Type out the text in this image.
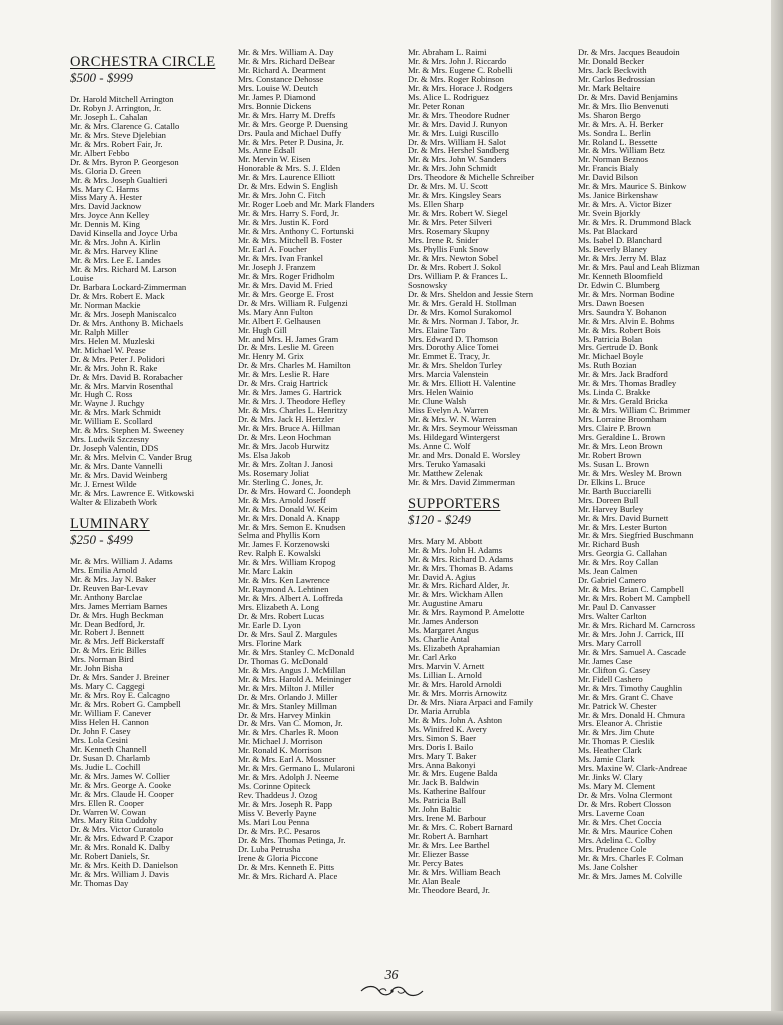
ORCHESTRA CIRCLE
$500 - $999
Dr. Harold Mitchell Arrington
Dr. Robyn J. Arrington, Jr.
Mr. Joseph L. Cahalan
Mr. & Mrs. Clarence G. Catallo
Mr. & Mrs. Steve Djelebian
Mr. & Mrs. Robert Fair, Jr.
Mr. Albert Febbo
Dr. & Mrs. Byron P. Georgeson
Ms. Gloria D. Green
Mr. & Mrs. Joseph Gualtieri
Ms. Mary C. Harms
Miss Mary A. Hester
Mrs. David Jacknow
Mrs. Joyce Ann Kelley
Mr. Dennis M. King
David Kinsella and Joyce Urba
Mr. & Mrs. John A. Kirlin
Mr. & Mrs. Harvey Kline
Mr. & Mrs. Lee E. Landes
Mr. & Mrs. Richard M. Larson
Louise
Dr. Barbara Lockard-Zimmerman
Dr. & Mrs. Robert E. Mack
Mr. Norman Mackie
Mr. & Mrs. Joseph Maniscalco
Dr. & Mrs. Anthony B. Michaels
Mr. Ralph Miller
Mrs. Helen M. Muzleski
Mr. Michael W. Pease
Dr. & Mrs. Peter J. Polidori
Mr. & Mrs. John R. Rake
Dr. & Mrs. David B. Rorabacher
Mr. & Mrs. Marvin Rosenthal
Mr. Hugh C. Ross
Mr. Wayne J. Ruchgy
Mr. & Mrs. Mark Schmidt
Mr. William E. Scollard
Mr. & Mrs. Stephen M. Sweeney
Mrs. Ludwik Szczesny
Dr. Joseph Valentin, DDS
Mr. & Mrs. Melvin C. Vander Brug
Mr. & Mrs. Dante Vannelli
Mr. & Mrs. David Weinberg
Mr. J. Ernest Wilde
Mr. & Mrs. Lawrence E. Witkowski
Walter & Elizabeth Work
LUMINARY
$250 - $499
Mr. & Mrs. William J. Adams
Mrs. Emilia Arnold
Mr. & Mrs. Jay N. Baker
Dr. Reuven Bar-Levav
Mr. Anthony Barclae
Mrs. James Merriam Barnes
Dr. & Mrs. Hugh Beckman
Mr. Dean Bedford, Jr.
Mr. Robert J. Bennett
Mr. & Mrs. Jeff Bickerstaff
Dr. & Mrs. Eric Billes
Mrs. Norman Bird
Mr. John Bisha
Dr. & Mrs. Sander J. Breiner
Ms. Mary C. Caggegi
Mr. & Mrs. Roy E. Calcagno
Mr. & Mrs. Robert G. Campbell
Mr. William F. Canever
Miss Helen H. Cannon
Dr. John F. Casey
Mrs. Lola Cesini
Mr. Kenneth Channell
Dr. Susan D. Charlamb
Ms. Judie L. Cochill
Mr. & Mrs. James W. Collier
Mr. & Mrs. George A. Cooke
Mr. & Mrs. Claude H. Cooper
Mrs. Ellen R. Cooper
Dr. Warren W. Cowan
Mrs. Mary Rita Cuddohy
Dr. & Mrs. Victor Curatolo
Mr. & Mrs. Edward P. Czapor
Mr. & Mrs. Ronald K. Dalby
Mr. Robert Daniels, Sr.
Mr. & Mrs. Keith D. Danielson
Mr. & Mrs. William J. Davis
Mr. Thomas Day
Mr. & Mrs. William A. Day
Mr. & Mrs. Richard DeBear
Mr. Richard A. Dearment
Mrs. Constance Dehosse
Mrs. Louise W. Deutch
Mr. James P. Diamond
Mrs. Bonnie Dickens
Mr. & Mrs. Harry M. Dreffs
Mr. & Mrs. George P. Duensing
Drs. Paula and Michael Duffy
Mr. & Mrs. Peter P. Dusina, Jr.
Ms. Anne Edsall
Mr. Mervin W. Eisen
Honorable & Mrs. S. J. Elden
Mr. & Mrs. Laurence Elliott
Dr. & Mrs. Edwin S. English
Mr. & Mrs. John C. Fitch
Mr. Roger Loeb and Mr. Mark Flanders
Mr. & Mrs. Harry S. Ford, Jr.
Mr. & Mrs. Justin K. Ford
Mr. & Mrs. Anthony C. Fortunski
Mr. & Mrs. Mitchell B. Foster
Mr. Earl A. Foucher
Mr. & Mrs. Ivan Frankel
Mr. Joseph J. Franzem
Mr. & Mrs. Roger Fridholm
Mr. & Mrs. David M. Fried
Mr. & Mrs. George E. Frost
Dr. & Mrs. William R. Fulgenzi
Ms. Mary Ann Fulton
Mr. Albert F. Gelhausen
Mr. Hugh Gill
Mr. and Mrs. H. James Gram
Dr. & Mrs. Leslie M. Green
Mr. Henry M. Grix
Dr. & Mrs. Charles M. Hamilton
Mr. & Mrs. Leslie R. Hare
Dr. & Mrs. Craig Hartrick
Mr. & Mrs. James G. Hartrick
Mr. & Mrs. J. Theodore Hefley
Mr. & Mrs. Charles L. Henritzy
Dr. & Mrs. Jack H. Hertzler
Mr. & Mrs. Bruce A. Hillman
Dr. & Mrs. Leon Hochman
Mr. & Mrs. Jacob Hurwitz
Ms. Elsa Jakob
Mr. & Mrs. Zoltan J. Janosi
Ms. Rosemary Joliat
Mr. Sterling C. Jones, Jr.
Dr. & Mrs. Howard C. Joondeph
Mr. & Mrs. Arnold Joseff
Mr. & Mrs. Donald W. Keim
Mr. & Mrs. Donald A. Knapp
Mr. & Mrs. Semon E. Knudsen
Selma and Phyllis Korn
Mr. James F. Korzenowski
Rev. Ralph E. Kowalski
Mr. & Mrs. William Kropog
Mr. Marc Lakin
Mr. & Mrs. Ken Lawrence
Mr. Raymond A. Lehtinen
Mr. & Mrs. Albert A. Loffreda
Mrs. Elizabeth A. Long
Dr. & Mrs. Robert Lucas
Mr. Earle D. Lyon
Dr. & Mrs. Saul Z. Margules
Mrs. Florine Mark
Mr. & Mrs. Stanley C. McDonald
Dr. Thomas G. McDonald
Mr. & Mrs. Angus J. McMillan
Mr. & Mrs. Harold A. Meininger
Mr. & Mrs. Milton J. Miller
Dr. & Mrs. Orlando J. Miller
Mr. & Mrs. Stanley Millman
Dr. & Mrs. Harvey Minkin
Dr. & Mrs. Van C. Momon, Jr.
Mr. & Mrs. Charles R. Moon
Mr. Michael J. Morrison
Mr. Ronald K. Morrison
Mr. & Mrs. Earl A. Mossner
Mr. & Mrs. Germano L. Mularoni
Mr. & Mrs. Adolph J. Neeme
Ms. Corinne Opiteck
Rev. Thaddeus J. Ozog
Mr. & Mrs. Joseph R. Papp
Miss V. Beverly Payne
Ms. Mari Lou Penna
Dr. & Mrs. P.C. Pesaros
Dr. & Mrs. Thomas Petinga, Jr.
Dr. Luba Petrusha
Irene & Gloria Piccone
Dr. & Mrs. Kenneth E. Pitts
Mr. & Mrs. Richard A. Place
Mr. Abraham L. Raimi
Mr. & Mrs. John J. Riccardo
Mr. & Mrs. Eugene C. Robelli
Dr. & Mrs. Roger Robinson
Mr. & Mrs. Horace J. Rodgers
Ms. Alice L. Rodriguez
Mr. Peter Ronan
Mr. & Mrs. Theodore Rudner
Mr. & Mrs. David J. Runyon
Mr. & Mrs. Luigi Ruscillo
Dr. & Mrs. William H. Salot
Dr. & Mrs. Hershel Sandberg
Mr. & Mrs. John W. Sanders
Mr. & Mrs. John Schmidt
Drs. Theodore & Michelle Schreiber
Dr. & Mrs. M. U. Scott
Mr. & Mrs. Kingsley Sears
Ms. Ellen Sharp
Mr. & Mrs. Robert W. Siegel
Mr. & Mrs. Peter Silveri
Mrs. Rosemary Skupny
Mrs. Irene R. Snider
Ms. Phyllis Funk Snow
Mr. & Mrs. Newton Sobel
Dr. & Mrs. Robert J. Sokol
Drs. William P. & Frances L.
Sosnowsky
Dr. & Mrs. Sheldon and Jessie Stern
Mr. & Mrs. Gerald H. Stollman
Dr. & Mrs. Komol Surakomol
Mr. & Mrs. Norman J. Tabor, Jr.
Mrs. Elaine Taro
Mrs. Edward D. Thomson
Mrs. Dorothy Alice Tomei
Mr. Emmet E. Tracy, Jr.
Mr. & Mrs. Sheldon Turley
Mrs. Marcia Valenstein
Mr. & Mrs. Elliott H. Valentine
Mrs. Helen Wainio
Mr. Clune Walsh
Miss Evelyn A. Warren
Mr. & Mrs. W. N. Warren
Mr. & Mrs. Seymour Weissman
Ms. Hildegard Wintergerst
Ms. Anne C. Wolf
Mr. and Mrs. Donald E. Worsley
Mrs. Teruko Yamasaki
Mr. Matthew Zelenak
Mr. & Mrs. David Zimmerman
SUPPORTERS
$120 - $249
Mrs. Mary M. Abbott
Mr. & Mrs. John H. Adams
Mr. & Mrs. Richard D. Adams
Mr. & Mrs. Thomas B. Adams
Mr. David A. Agius
Mr. & Mrs. Richard Alder, Jr.
Mr. & Mrs. Wickham Allen
Mr. Augustine Amaru
Mr. & Mrs. Raymond P. Amelotte
Mr. James Anderson
Ms. Margaret Angus
Ms. Charlie Antal
Ms. Elizabeth Aprahamian
Mr. Carl Arko
Mrs. Marvin V. Arnett
Ms. Lillian L. Arnold
Mr. & Mrs. Harold Arnoldi
Mr. & Mrs. Morris Arnowitz
Dr. & Mrs. Niara Arpaci and Family
Dr. Maria Arrubla
Mr. & Mrs. John A. Ashton
Ms. Winifred K. Avery
Mrs. Simon S. Baer
Mrs. Doris I. Bailo
Mrs. Mary T. Baker
Mrs. Anna Bakonyi
Mr. & Mrs. Eugene Balda
Mr. Jack B. Baldwin
Ms. Katherine Balfour
Ms. Patricia Ball
Mr. John Baltic
Mrs. Irene M. Barbour
Mr. & Mrs. C. Robert Barnard
Mr. Robert A. Barnhart
Mr. & Mrs. Lee Barthel
Mr. Eliezer Basse
Mr. Percy Bates
Mr. & Mrs. William Beach
Mr. Alan Beale
Mr. Theodore Beard, Jr.
Dr. & Mrs. Jacques Beaudoin
Mr. Donald Becker
Mrs. Jack Beckwith
Mr. Carlos Bedrossian
Mr. Mark Beltaire
Dr. & Mrs. David Benjamins
Mr. & Mrs. Ilio Benvenuti
Ms. Sharon Bergo
Mr. & Mrs. A. H. Berker
Ms. Sondra L. Berlin
Mr. Roland L. Bessette
Mr. & Mrs. William Betz
Mr. Norman Beznos
Mr. Francis Bialy
Mr. David Bilson
Mr. & Mrs. Maurice S. Binkow
Ms. Janice Birkenshaw
Mr. & Mrs. A. Victor Bizer
Mr. Svein Bjorkly
Mr. & Mrs. R. Drummond Black
Ms. Pat Blackard
Ms. Isabel D. Blanchard
Ms. Beverly Blaney
Mr. & Mrs. Jerry M. Blaz
Mr. & Mrs. Paul and Leah Blizman
Mr. Kenneth Bloomfield
Dr. Edwin C. Blumberg
Mr. & Mrs. Norman Bodine
Mrs. Dawn Boesen
Mrs. Saundra Y. Bohanon
Mr. & Mrs. Alvin E. Bohms
Mr. & Mrs. Robert Bois
Ms. Patricia Bolan
Mrs. Gertrude D. Bonk
Mr. Michael Boyle
Ms. Ruth Bozian
Mr. & Mrs. Jack Bradford
Mr. & Mrs. Thomas Bradley
Ms. Linda C. Brakke
Mr. & Mrs. Gerald Bricka
Mr. & Mrs. William C. Brimmer
Mrs. Lorraine Broomham
Mrs. Claire P. Brown
Mrs. Geraldine L. Brown
Mr. & Mrs. Leon Brown
Mr. Robert Brown
Ms. Susan L. Brown
Mr. & Mrs. Wesley M. Brown
Dr. Elkins L. Bruce
Mr. Barth Bucciarelli
Mrs. Doreen Bull
Mr. Harvey Burley
Mr. & Mrs. David Burnett
Mr. & Mrs. Lester Burton
Mr. & Mrs. Siegfried Buschmann
Mr. Richard Bush
Mrs. Georgia G. Callahan
Mr. & Mrs. Roy Callan
Ms. Jean Calmen
Dr. Gabriel Camero
Mr. & Mrs. Brian C. Campbell
Mr. & Mrs. Robert M. Campbell
Mr. Paul D. Canvasser
Mrs. Walter Carlton
Mr. & Mrs. Richard M. Carncross
Mr. & Mrs. John J. Carrick, III
Mrs. Mary Carroll
Mr. & Mrs. Samuel A. Cascade
Mr. James Case
Mr. Clifton G. Casey
Mr. Fidell Cashero
Mr. & Mrs. Timothy Caughlin
Mr. & Mrs. Grant C. Chave
Mr. Patrick W. Chester
Mr. & Mrs. Donald H. Chmura
Mrs. Eleanor A. Christie
Mr. & Mrs. Jim Chute
Mr. Thomas P. Cieslik
Ms. Heather Clark
Ms. Jamie Clark
Mrs. Maxine W. Clark-Andreae
Mr. Jinks W. Clary
Ms. Mary M. Clement
Dr. & Mrs. Volna Clermont
Dr. & Mrs. Robert Closson
Mrs. Laverne Coan
Mr. & Mrs. Chet Coccia
Mr. & Mrs. Maurice Cohen
Mrs. Adelina C. Colby
Mrs. Prudence Cole
Mr. & Mrs. Charles F. Colman
Ms. Jane Colsher
Mr. & Mrs. James M. Colville
36
